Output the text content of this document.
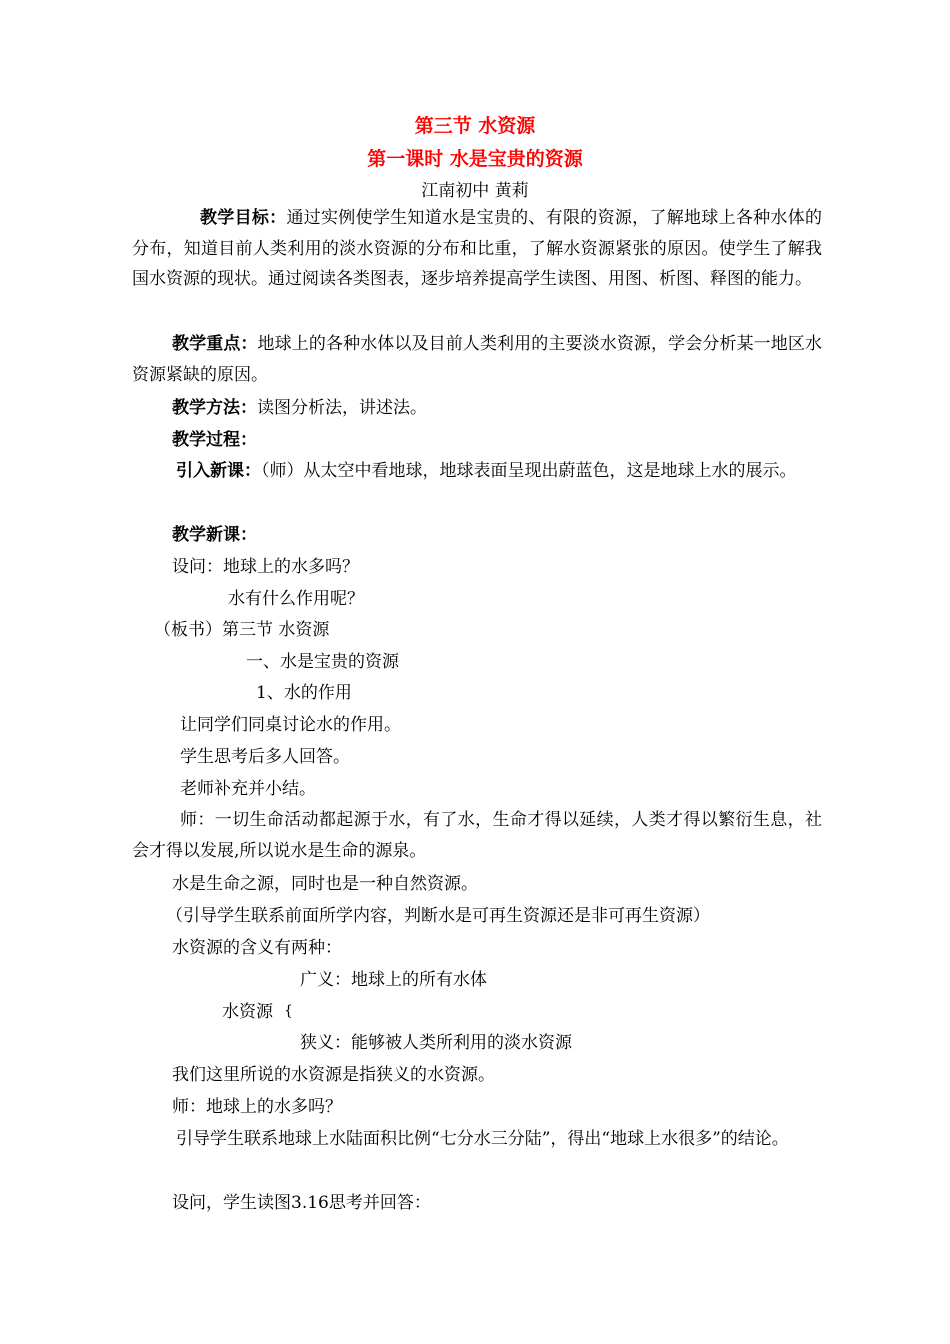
第三节 水资源
第一课时 水是宝贵的资源
江南初中 黄莉
教学目标：通过实例使学生知道水是宝贵的、有限的资源，了解地球上各种水体的分布，知道目前人类利用的淡水资源的分布和比重，了解水资源紧张的原因。使学生了解我国水资源的现状。通过阅读各类图表，逐步培养提高学生读图、用图、析图、释图的能力。
教学重点：地球上的各种水体以及目前人类利用的主要淡水资源，学会分析某一地区水资源紧缺的原因。
教学方法：读图分析法，讲述法。
教学过程：
引入新课：（师）从太空中看地球，地球表面呈现出蔚蓝色，这是地球上水的展示。
教学新课：
设问：地球上的水多吗？
水有什么作用呢？
（板书）第三节 水资源
一、水是宝贵的资源
1、水的作用
让同学们同桌讨论水的作用。
学生思考后多人回答。
老师补充并小结。
师：一切生命活动都起源于水，有了水，生命才得以延续，人类才得以繁衍生息，社会才得以发展,所以说水是生命的源泉。
水是生命之源，同时也是一种自然资源。
（引导学生联系前面所学内容，判断水是可再生资源还是非可再生资源）
水资源的含义有两种：
广义：地球上的所有水体
水资源 {
狭义：能够被人类所利用的淡水资源
我们这里所说的水资源是指狭义的水资源。
师：地球上的水多吗？
引导学生联系地球上水陆面积比例“七分水三分陆”，得出“地球上水很多”的结论。
设问，学生读图3.16思考并回答：
